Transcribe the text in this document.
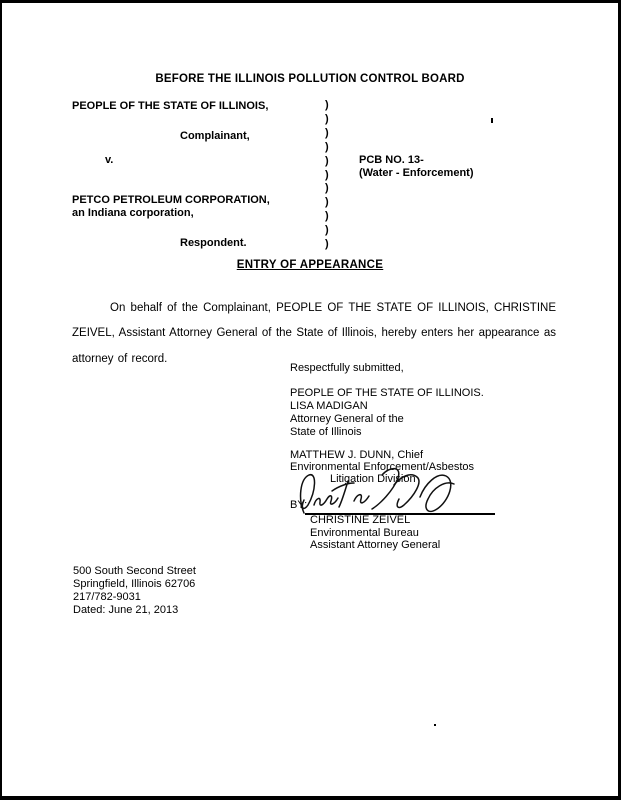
BEFORE THE ILLINOIS POLLUTION CONTROL BOARD
PEOPLE OF THE STATE OF ILLINOIS,
Complainant,
v.
PETCO PETROLEUM CORPORATION,
an Indiana corporation,
Respondent.
)
)
)
)
)
)
)
)
)
)
)
PCB NO. 13-
(Water - Enforcement)
ENTRY OF APPEARANCE

On behalf of the Complainant, PEOPLE OF THE STATE OF ILLINOIS, CHRISTINE ZEIVEL, Assistant Attorney General of the State of Illinois, hereby enters her appearance as attorney of record.

Respectfully submitted,
PEOPLE OF THE STATE OF ILLINOIS.
LISA MADIGAN
Attorney General of the
State of Illinois
MATTHEW J. DUNN, Chief
Environmental Enforcement/Asbestos
Litigation Division
BY:
CHRISTINE ZEIVEL
Environmental Bureau
Assistant Attorney General
500 South Second Street
Springfield, Illinois 62706
217/782-9031
Dated: June 21, 2013
